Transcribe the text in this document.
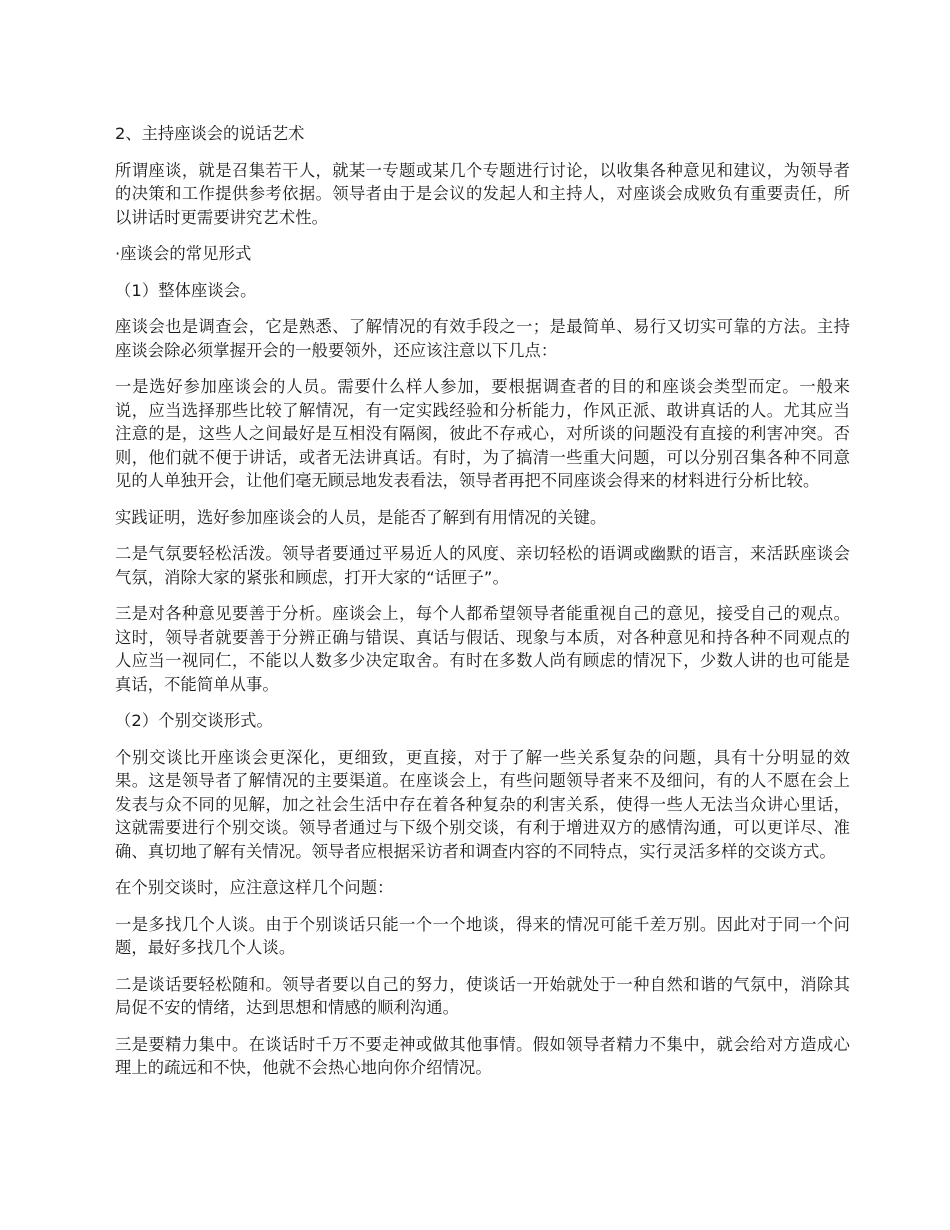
2、主持座谈会的说话艺术

所谓座谈，就是召集若干人，就某一专题或某几个专题进行讨论，以收集各种意见和建议，为领导者的决策和工作提供参考依据。领导者由于是会议的发起人和主持人，对座谈会成败负有重要责任，所以讲话时更需要讲究艺术性。

·座谈会的常见形式

（1）整体座谈会。

座谈会也是调查会，它是熟悉、了解情况的有效手段之一；是最简单、易行又切实可靠的方法。主持座谈会除必须掌握开会的一般要领外，还应该注意以下几点：

一是选好参加座谈会的人员。需要什么样人参加，要根据调查者的目的和座谈会类型而定。一般来说，应当选择那些比较了解情况，有一定实践经验和分析能力，作风正派、敢讲真话的人。尤其应当注意的是，这些人之间最好是互相没有隔阂，彼此不存戒心，对所谈的问题没有直接的利害冲突。否则，他们就不便于讲话，或者无法讲真话。有时，为了搞清一些重大问题，可以分别召集各种不同意见的人单独开会，让他们毫无顾忌地发表看法，领导者再把不同座谈会得来的材料进行分析比较。

实践证明，选好参加座谈会的人员，是能否了解到有用情况的关键。

二是气氛要轻松活泼。领导者要通过平易近人的风度、亲切轻松的语调或幽默的语言，来活跃座谈会气氛，消除大家的紧张和顾虑，打开大家的“话匣子”。

三是对各种意见要善于分析。座谈会上，每个人都希望领导者能重视自己的意见，接受自己的观点。这时，领导者就要善于分辨正确与错误、真话与假话、现象与本质，对各种意见和持各种不同观点的人应当一视同仁，不能以人数多少决定取舍。有时在多数人尚有顾虑的情况下，少数人讲的也可能是真话，不能简单从事。

（2）个别交谈形式。

个别交谈比开座谈会更深化，更细致，更直接，对于了解一些关系复杂的问题，具有十分明显的效果。这是领导者了解情况的主要渠道。在座谈会上，有些问题领导者来不及细问，有的人不愿在会上发表与众不同的见解，加之社会生活中存在着各种复杂的利害关系，使得一些人无法当众讲心里话，这就需要进行个别交谈。领导者通过与下级个别交谈，有利于增进双方的感情沟通，可以更详尽、准确、真切地了解有关情况。领导者应根据采访者和调查内容的不同特点，实行灵活多样的交谈方式。

在个别交谈时，应注意这样几个问题：

一是多找几个人谈。由于个别谈话只能一个一个地谈，得来的情况可能千差万别。因此对于同一个问题，最好多找几个人谈。

二是谈话要轻松随和。领导者要以自己的努力，使谈话一开始就处于一种自然和谐的气氛中，消除其局促不安的情绪，达到思想和情感的顺利沟通。

三是要精力集中。在谈话时千万不要走神或做其他事情。假如领导者精力不集中，就会给对方造成心理上的疏远和不快，他就不会热心地向你介绍情况。
